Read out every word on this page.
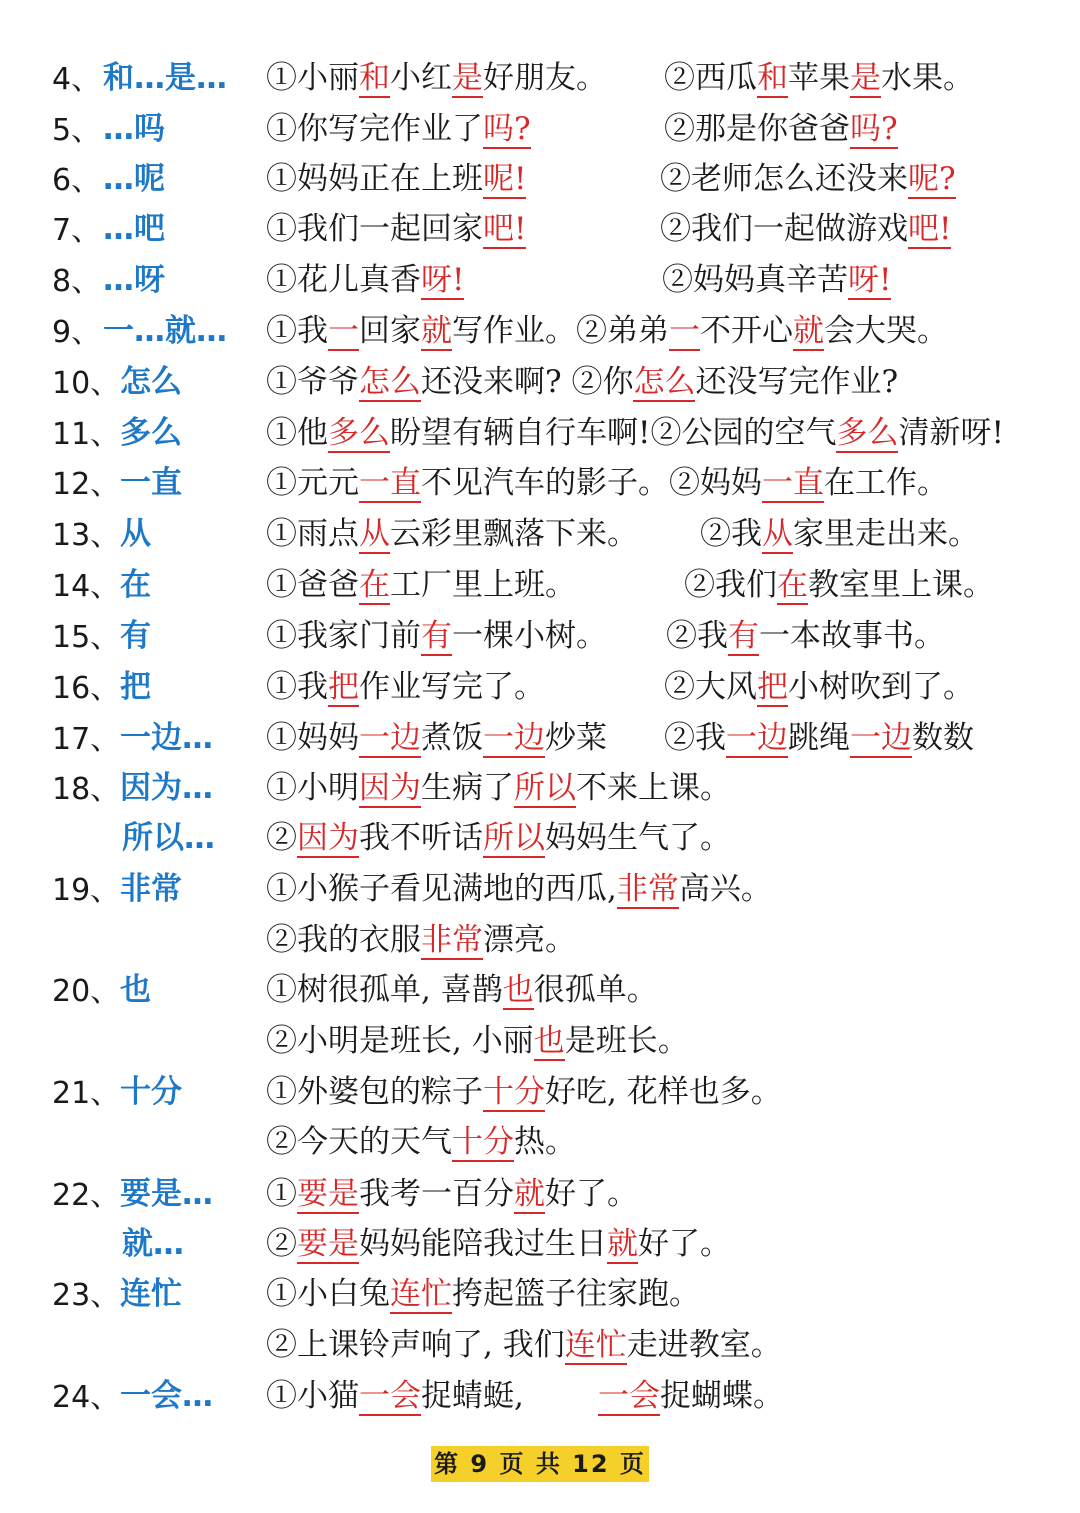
4、 和…是… ①小丽和小红是好朋友。 ②西瓜和苹果是水果。
5、 …吗	①你写完作业了吗?	②那是你爸爸吗?
6、 …呢	①妈妈正在上班呢!	②老师怎么还没来呢?
7、 …吧	①我们一起回家吧!	②我们一起做游戏吧!
8、 …呀	①花儿真香呀!	②妈妈真辛苦呀!
9、 一…就… ①我一回家就写作业。②弟弟一不开心就会大哭。
10、 怎么	①爷爷怎么还没来啊? ②你怎么还没写完作业?
11、 多么	①他多么盼望有辆自行车啊!②公园的空气多么清新呀!
12、 一直	①元元一直不见汽车的影子。②妈妈一直在工作。
13、 从	①雨点从云彩里飘落下来。 ②我从家里走出来。
14、 在	①爸爸在工厂里上班。	②我们在教室里上课。
15、 有	①我家门前有一棵小树。 ②我有一本故事书。
16、 把	①我把作业写完了。	②大风把小树吹到了。
17、 一边… ①妈妈一边煮饭一边炒菜 ②我一边跳绳一边数数
18、 因为… ①小明因为生病了所以不来上课。
所以… ②因为我不听话所以妈妈生气了。
19、 非常	①小猴子看见满地的西瓜,非常高兴。
②我的衣服非常漂亮。
20、 也	①树很孤单, 喜鹊也很孤单。
②小明是班长, 小丽也是班长。
21、 十分	①外婆包的粽子十分好吃, 花样也多。
②今天的天气十分热。
22、 要是… ①要是我考一百分就好了。
就…	②要是妈妈能陪我过生日就好了。
23、 连忙	①小白兔连忙挎起篮子往家跑。
②上课铃声响了, 我们连忙走进教室。
24、 一会… ①小猫一会捉蜻蜓, 一会捉蝴蝶。
第 9 页 共 12 页
